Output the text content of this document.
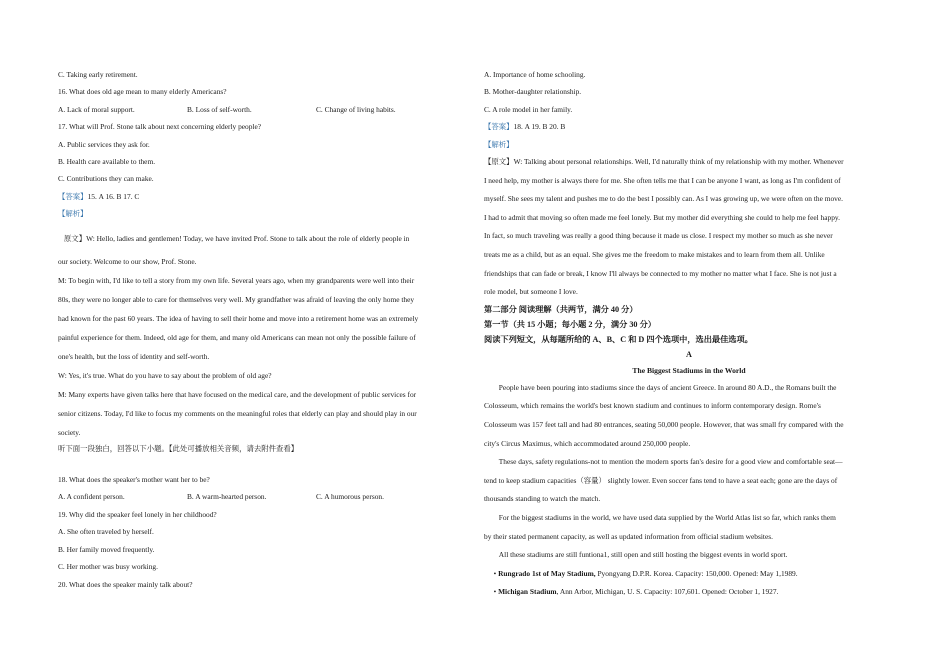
C. Taking early retirement.
16. What does old age mean to many elderly Americans?
A. Lack of moral support.	B. Loss of self-worth.	C. Change of living habits.
17. What will Prof. Stone talk about next concerning elderly people?
A. Public services they ask for.
B. Health care available to them.
C. Contributions they can make.
【答案】15. A 16. B 17. C
【解析】
原文】W: Hello, ladies and gentlemen! Today, we have invited Prof. Stone to talk about the role of elderly people in
our society. Welcome to our show, Prof. Stone.
M: To begin with, I'd like to tell a story from my own life. Several years ago, when my grandparents were well into their
80s, they were no longer able to care for themselves very well. My grandfather was afraid of leaving the only home they
had known for the past 60 years. The idea of having to sell their home and move into a retirement home was an extremely
painful experience for them. Indeed, old age for them, and many old Americans can mean not only the possible failure of
one's health, but the loss of identity and self-worth.
W: Yes, it's true. What do you have to say about the problem of old age?
M: Many experts have given talks here that have focused on the medical care, and the development of public services for
senior citizens. Today, I'd like to focus my comments on the meaningful roles that elderly can play and should play in our
society.
听下面一段独白，回答以下小题。【此处可播放相关音频，请去附件查看】
18. What does the speaker's mother want her to be?
A. A confident person.	B. A warm-hearted person.	C. A humorous person.
19. Why did the speaker feel lonely in her childhood?
A. She often traveled by herself.
B. Her family moved frequently.
C. Her mother was busy working.
20. What does the speaker mainly talk about?
A. Importance of home schooling.
B. Mother-daughter relationship.
C. A role model in her family.
【答案】18. A 19. B 20. B
【解析】
【原文】W: Talking about personal relationships. Well, I'd naturally think of my relationship with my mother. Whenever
I need help, my mother is always there for me. She often tells me that I can be anyone I want, as long as I'm confident of
myself. She sees my talent and pushes me to do the best I possibly can. As I was growing up, we were often on the move.
I had to admit that moving so often made me feel lonely. But my mother did everything she could to help me feel happy.
In fact, so much traveling was really a good thing because it made us close. I respect my mother so much as she never
treats me as a child, but as an equal. She gives me the freedom to make mistakes and to learn from them all. Unlike
friendships that can fade or break, I know I'll always be connected to my mother no matter what I face. She is not just a
role model, but someone I love.
第二部分 阅读理解（共两节，满分 40 分）
第一节（共 15 小题；每小题 2 分，满分 30 分）
阅读下列短文，从每题所给的 A、B、C 和 D 四个选项中，选出最佳选项。
A
The Biggest Stadiums in the World
People have been pouring into stadiums since the days of ancient Greece. In around 80 A.D., the Romans built the
Colosseum, which remains the world's best known stadium and continues to inform contemporary design. Rome's
Colosseum was 157 feet tall and had 80 entrances, seating 50,000 people. However, that was small fry compared with the
city's Circus Maximus, which accommodated around 250,000 people.
These days, safety regulations-not to mention the modern sports fan's desire for a good view and comfortable seat—
tend to keep stadium capacities（容量） slightly lower. Even soccer fans tend to have a seat each; gone are the days of
thousands standing to watch the match.
For the biggest stadiums in the world, we have used data supplied by the World Atlas list so far, which ranks them
by their stated permanent capacity, as well as updated information from official stadium websites.
All these stadiums are still funtiona1, still open and still hosting the biggest events in world sport.
• Rungrado 1st of May Stadium, Pyongyang D.P.R. Korea. Capacity: 150,000. Opened: May 1,1989.
• Michigan Stadium, Ann Arbor, Michigan, U. S. Capacity: 107,601. Opened: October 1, 1927.
